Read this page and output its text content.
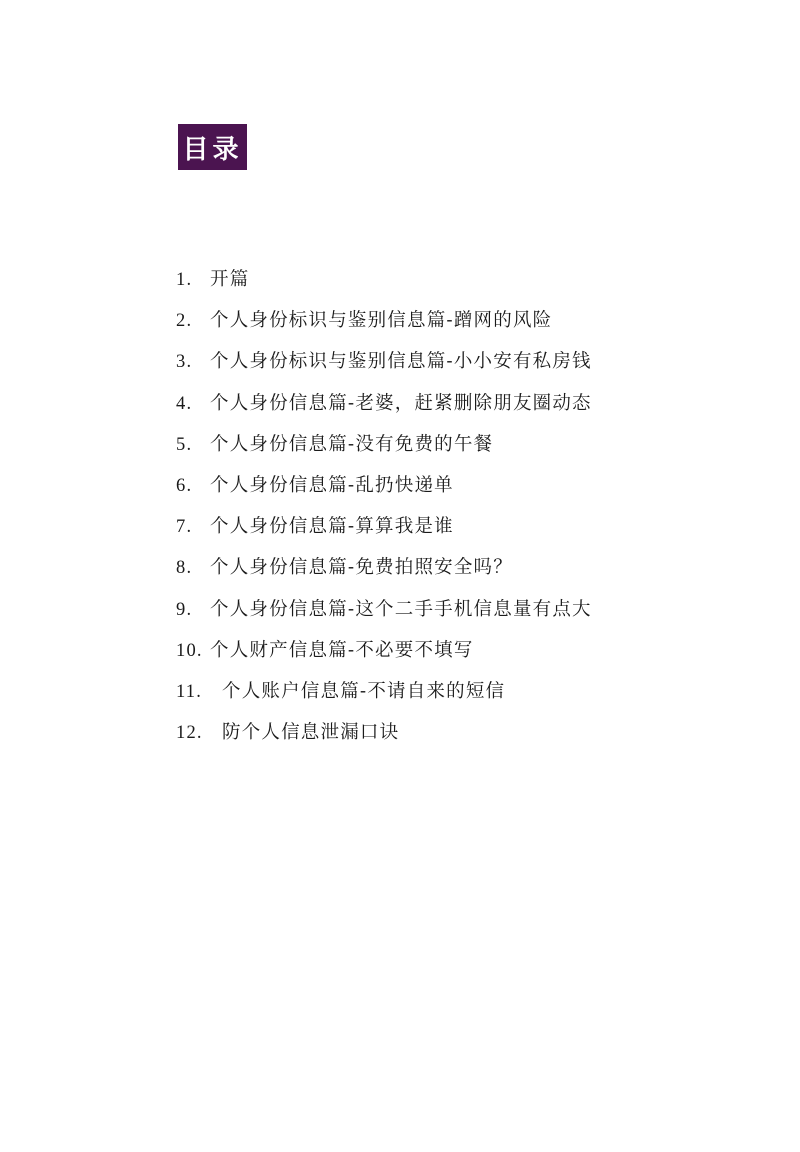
目录
1. 开篇
2. 个人身份标识与鉴别信息篇-蹭网的风险
3. 个人身份标识与鉴别信息篇-小小安有私房钱
4. 个人身份信息篇-老婆，赶紧删除朋友圈动态
5. 个人身份信息篇-没有免费的午餐
6. 个人身份信息篇-乱扔快递单
7. 个人身份信息篇-算算我是谁
8. 个人身份信息篇-免费拍照安全吗？
9. 个人身份信息篇-这个二手手机信息量有点大
10. 个人财产信息篇-不必要不填写
11. 个人账户信息篇-不请自来的短信
12. 防个人信息泄漏口诀
